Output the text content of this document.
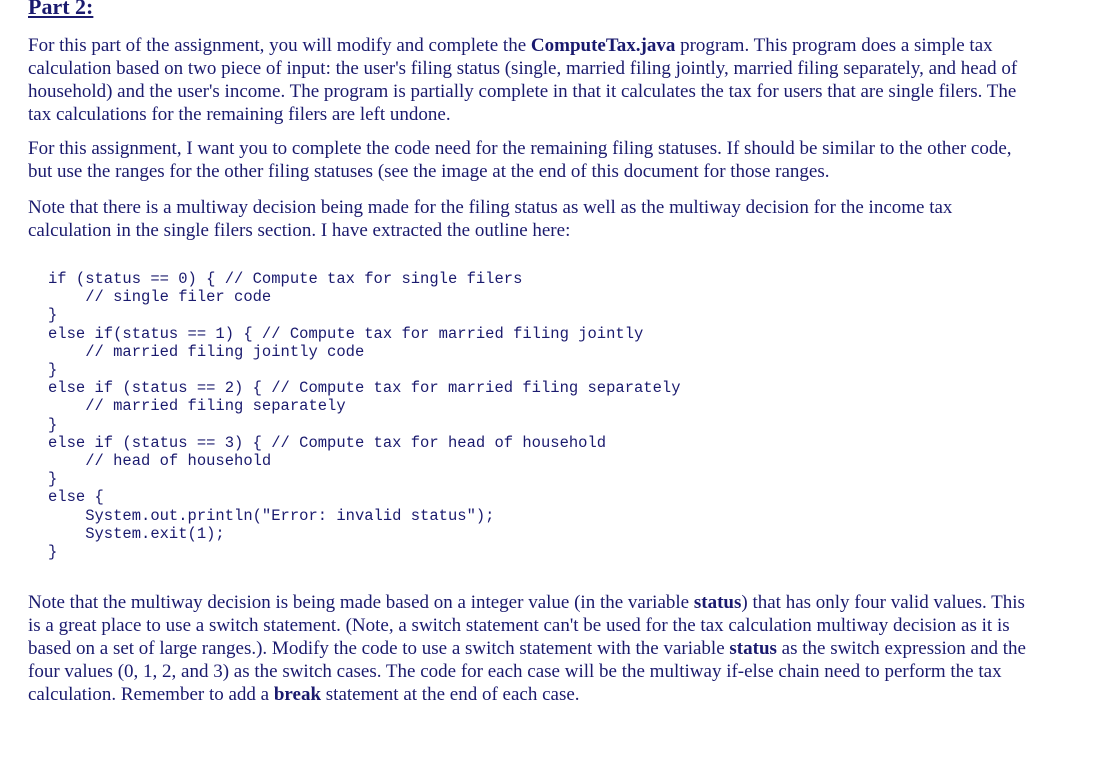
Part 2:

For this part of the assignment, you will modify and complete the ComputeTax.java program. This program does a simple tax calculation based on two piece of input: the user's filing status (single, married filing jointly, married filing separately, and head of household) and the user's income. The program is partially complete in that it calculates the tax for users that are single filers. The tax calculations for the remaining filers are left undone.

For this assignment, I want you to complete the code need for the remaining filing statuses. If should be similar to the other code, but use the ranges for the other filing statuses (see the image at the end of this document for those ranges.

Note that there is a multiway decision being made for the filing status as well as the multiway decision for the income tax calculation in the single filers section. I have extracted the outline here:

if (status == 0) { // Compute tax for single filers
// single filer code
}
else if(status == 1) { // Compute tax for married filing jointly
// married filing jointly code
}
else if (status == 2) { // Compute tax for married filing separately
// married filing separately
}
else if (status == 3) { // Compute tax for head of household
// head of household
}
else {
System.out.println("Error: invalid status");
System.exit(1);
}

Note that the multiway decision is being made based on a integer value (in the variable status) that has only four valid values. This is a great place to use a switch statement. (Note, a switch statement can't be used for the tax calculation multiway decision as it is based on a set of large ranges.). Modify the code to use a switch statement with the variable status as the switch expression and the four values (0, 1, 2, and 3) as the switch cases. The code for each case will be the multiway if-else chain need to perform the tax calculation. Remember to add a break statement at the end of each case.
